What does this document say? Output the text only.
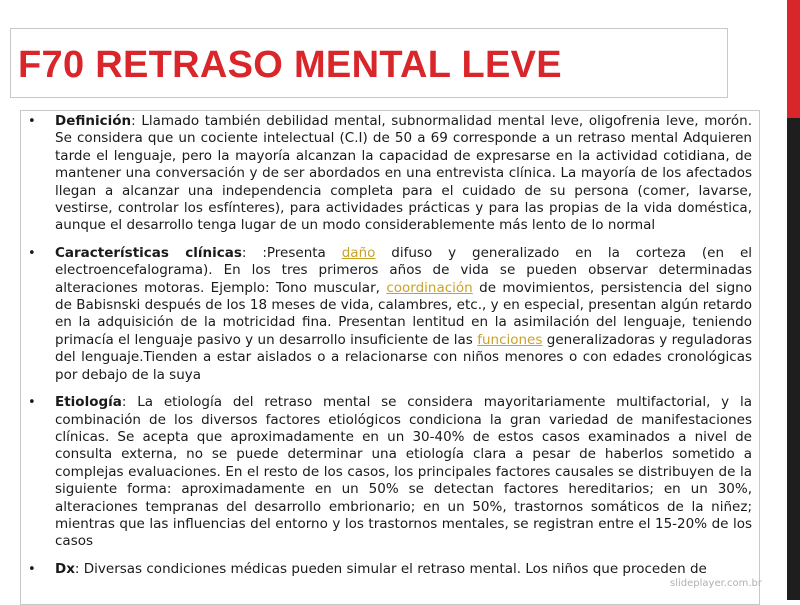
F70 RETRASO MENTAL LEVE
• Definición: Llamado también debilidad mental, subnormalidad mental leve, oligofrenia leve, morón. Se considera que un cociente intelectual (C.I) de 50 a 69 corresponde a un retraso mental Adquieren tarde el lenguaje, pero la mayoría alcanzan la capacidad de expresarse en la actividad cotidiana, de mantener una conversación y de ser abordados en una entrevista clínica. La mayoría de los afectados llegan a alcanzar una independencia completa para el cuidado de su persona (comer, lavarse, vestirse, controlar los esfínteres), para actividades prácticas y para las propias de la vida doméstica, aunque el desarrollo tenga lugar de un modo considerablemente más lento de lo normal
• Características clínicas: :Presenta daño difuso y generalizado en la corteza (en el electroencefalograma). En los tres primeros años de vida se pueden observar determinadas alteraciones motoras. Ejemplo: Tono muscular, coordinación de movimientos, persistencia del signo de Babisnski después de los 18 meses de vida, calambres, etc., y en especial, presentan algún retardo en la adquisición de la motricidad fina. Presentan lentitud en la asimilación del lenguaje, teniendo primacía el lenguaje pasivo y un desarrollo insuficiente de las funciones generalizadoras y reguladoras del lenguaje.Tienden a estar aislados o a relacionarse con niños menores o con edades cronológicas por debajo de la suya
• Etiología: La etiología del retraso mental se considera mayoritariamente multifactorial, y la combinación de los diversos factores etiológicos condiciona la gran variedad de manifestaciones clínicas. Se acepta que aproximadamente en un 30-40% de estos casos examinados a nivel de consulta externa, no se puede determinar una etiología clara a pesar de haberlos sometido a complejas evaluaciones. En el resto de los casos, los principales factores causales se distribuyen de la siguiente forma: aproximadamente en un 50% se detectan factores hereditarios; en un 30%, alteraciones tempranas del desarrollo embrionario; en un 50%, trastornos somáticos de la niñez; mientras que las influencias del entorno y los trastornos mentales, se registran entre el 15-20% de los casos
• Dx: Diversas condiciones médicas pueden simular el retraso mental. Los niños que proceden de
slideplayer.com.br
